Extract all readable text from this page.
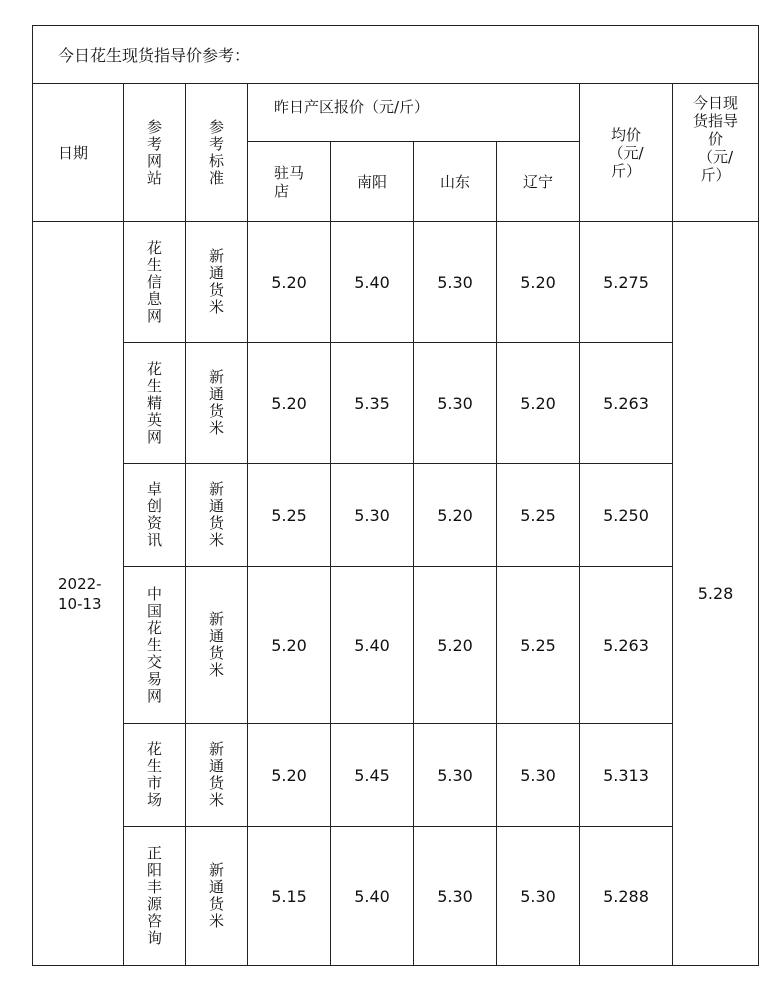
今日花生现货指导价参考：								
日期	参考网站	参考标准	昨日产区报价（元/斤）				均价（元/斤）	今日现货指导价（元/斤）
			驻马店	南阳	山东	辽宁		
2022-10-13	花生信息网	新通货米	5.20	5.40	5.30	5.20	5.275	5.28
	花生精英网	新通货米	5.20	5.35	5.30	5.20	5.263	
	卓创资讯	新通货米	5.25	5.30	5.20	5.25	5.250	
	中国花生交易网	新通货米	5.20	5.40	5.20	5.25	5.263	
	花生市场	新通货米	5.20	5.45	5.30	5.30	5.313	
	正阳丰源咨询	新通货米	5.15	5.40	5.30	5.30	5.288	
